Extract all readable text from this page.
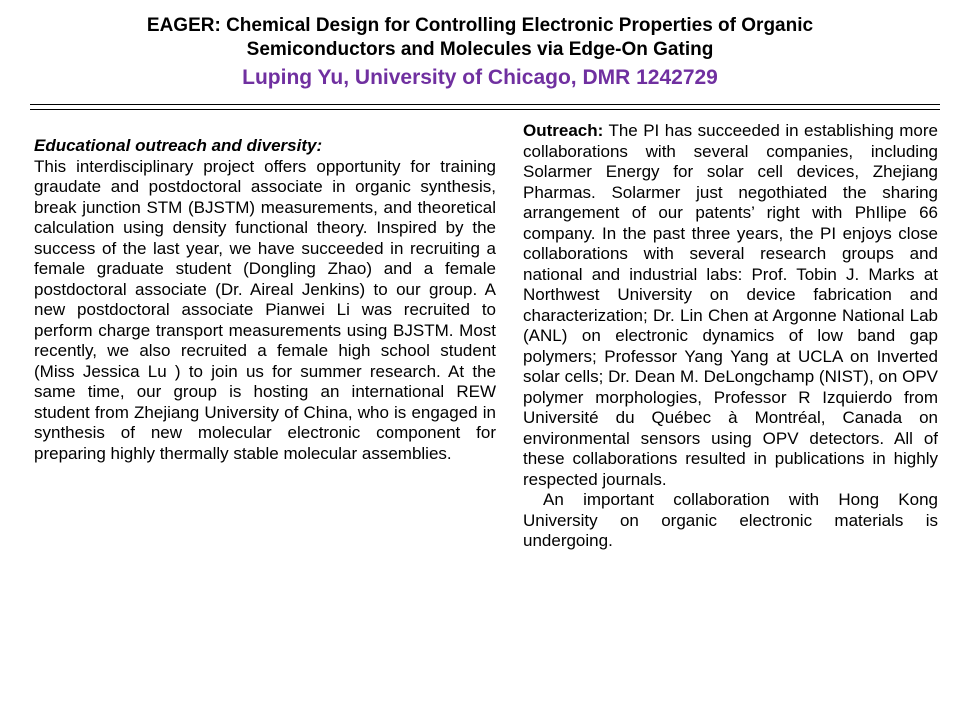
EAGER: Chemical Design for Controlling Electronic Properties of Organic
Semiconductors and Molecules via Edge-On Gating
Luping Yu, University of Chicago, DMR 1242729

Educational outreach and diversity:

This interdisciplinary project offers opportunity for training graudate and postdoctoral associate in organic synthesis, break junction STM (BJSTM) measurements, and theoretical calculation using density functional theory. Inspired by the success of the last year, we have succeeded in recruiting a female graduate student (Dongling Zhao) and a female postdoctoral associate (Dr. Aireal Jenkins) to our group. A new postdoctoral associate Pianwei Li was recruited to perform charge transport measurements using BJSTM. Most recently, we also recruited a female high school student (Miss Jessica Lu ) to join us for summer research. At the same time, our group is hosting an international REW student from Zhejiang University of China, who is engaged in synthesis of new molecular electronic component for preparing highly thermally stable molecular assemblies.

Outreach: The PI has succeeded in establishing more collaborations with several companies, including Solarmer Energy for solar cell devices, Zhejiang Pharmas. Solarmer just negothiated the sharing arrangement of our patents’ right with PhIlipe 66 company. In the past three years, the PI enjoys close collaborations with several research groups and national and industrial labs: Prof. Tobin J. Marks at Northwest University on device fabrication and characterization; Dr. Lin Chen at Argonne National Lab (ANL) on electronic dynamics of low band gap polymers; Professor Yang Yang at UCLA on Inverted solar cells; Dr. Dean M. DeLongchamp (NIST), on OPV polymer morphologies, Professor R Izquierdo from Université du Québec à Montréal, Canada on environmental sensors using OPV detectors. All of these collaborations resulted in publications in highly respected journals.

An important collaboration with Hong Kong University on organic electronic materials is undergoing.
